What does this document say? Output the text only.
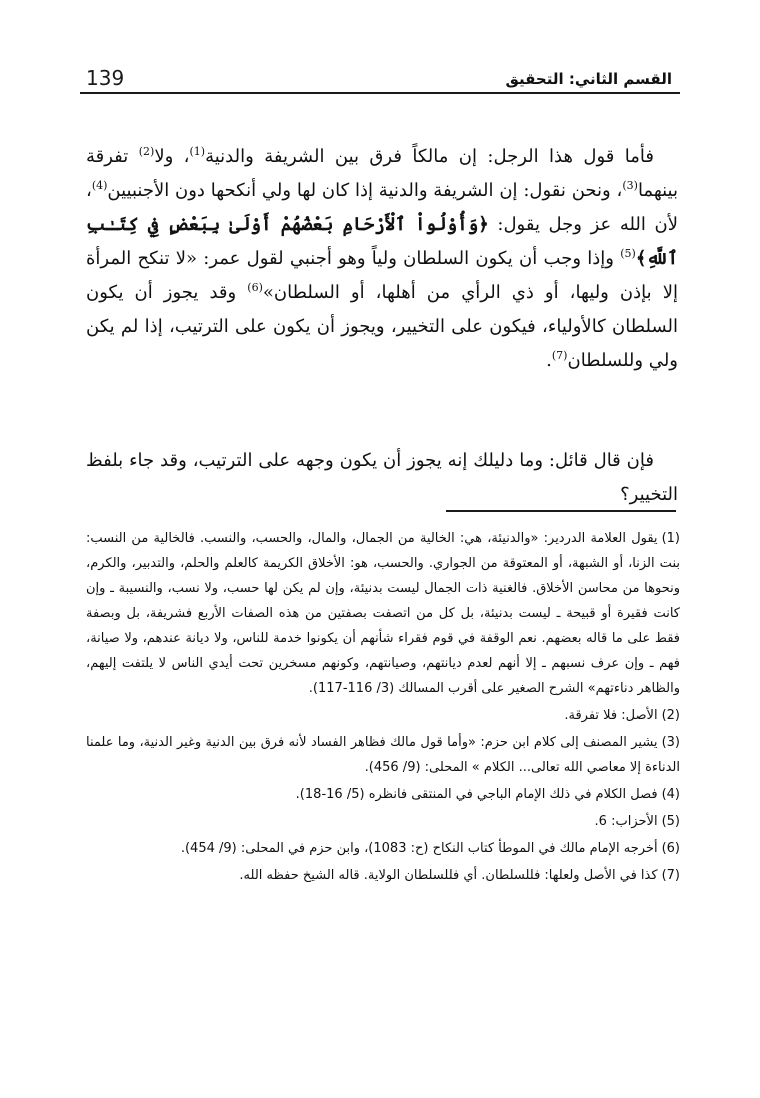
139	القسم الثاني: التحقيق

فأما قول هذا الرجل: إن مالكاً فرق بين الشريفة والدنية$^{(1)}$، ولا$^{(2)}$ تفرقة بينهما$^{(3)}$، ونحن نقول: إن الشريفة والدنية إذا كان لها ولي أنكحها دون الأجنبيين$^{(4)}$، لأن الله عز وجل يقول: ﴿وَأُوْلُواْ ٱلْأَرْحَامِ بَعْضُهُمْ أَوْلَىٰ بِبَعْضٍ فِي كِتَـٰبِ ٱللَّهِ﴾$^{(5)}$ وإذا وجب أن يكون السلطان ولياً وهو أجنبي لقول عمر: «لا تنكح المرأة إلا بإذن وليها، أو ذي الرأي من أهلها، أو السلطان»$^{(6)}$ وقد يجوز أن يكون السلطان كالأولياء، فيكون على التخيير، ويجوز أن يكون على الترتيب، إذا لم يكن ولي وللسلطان$^{(7)}$.

فإن قال قائل: وما دليلك إنه يجوز أن يكون وجهه على الترتيب، وقد جاء بلفظ التخيير؟

(1)يقول العلامة الدردير: «والدنيئة، هي: الخالية من الجمال، والمال، والحسب، والنسب. فالخالية من النسب: بنت الزنا، أو الشبهة، أو المعتوقة من الجواري. والحسب، هو: الأخلاق الكريمة كالعلم والحلم، والتدبير، والكرم، ونحوها من محاسن الأخلاق. فالغنية ذات الجمال ليست بدنيئة، وإن لم يكن لها حسب، ولا نسب، والنسيبة ـ وإن كانت فقيرة أو قبيحة ـ ليست بدنيئة، بل كل من اتصفت بصفتين من هذه الصفات الأربع فشريفة، بل وبصفة فقط على ما قاله بعضهم. نعم الوقفة في قوم فقراء شأنهم أن يكونوا خدمة للناس، ولا ديانة عندهم، ولا صيانة، فهم ـ وإن عرف نسبهم ـ إلا أنهم لعدم ديانتهم، وصيانتهم، وكونهم مسخرين تحت أيدي الناس لا يلتفت إليهم، والظاهر دناءتهم» الشرح الصغير على أقرب المسالك (3/ 116-117).

(2)الأصل: فلا تفرقة.

(3)يشير المصنف إلى كلام ابن حزم: «وأما قول مالك فظاهر الفساد لأنه فرق بين الدنية وغير الدنية، وما علمنا الدناءة إلا معاصي الله تعالى... الكلام » المحلى: (9/ 456).

(4)فصل الكلام في ذلك الإمام الباجي في المنتقى فانظره (5/ 16-18).

(5)الأحزاب: 6.

(6)أخرجه الإمام مالك في الموطأ كتاب النكاح (ح: 1083)، وابن حزم في المحلى: (9/ 454).

(7)كذا في الأصل ولعلها: فللسلطان. أي فللسلطان الولاية. قاله الشيخ حفظه الله.
